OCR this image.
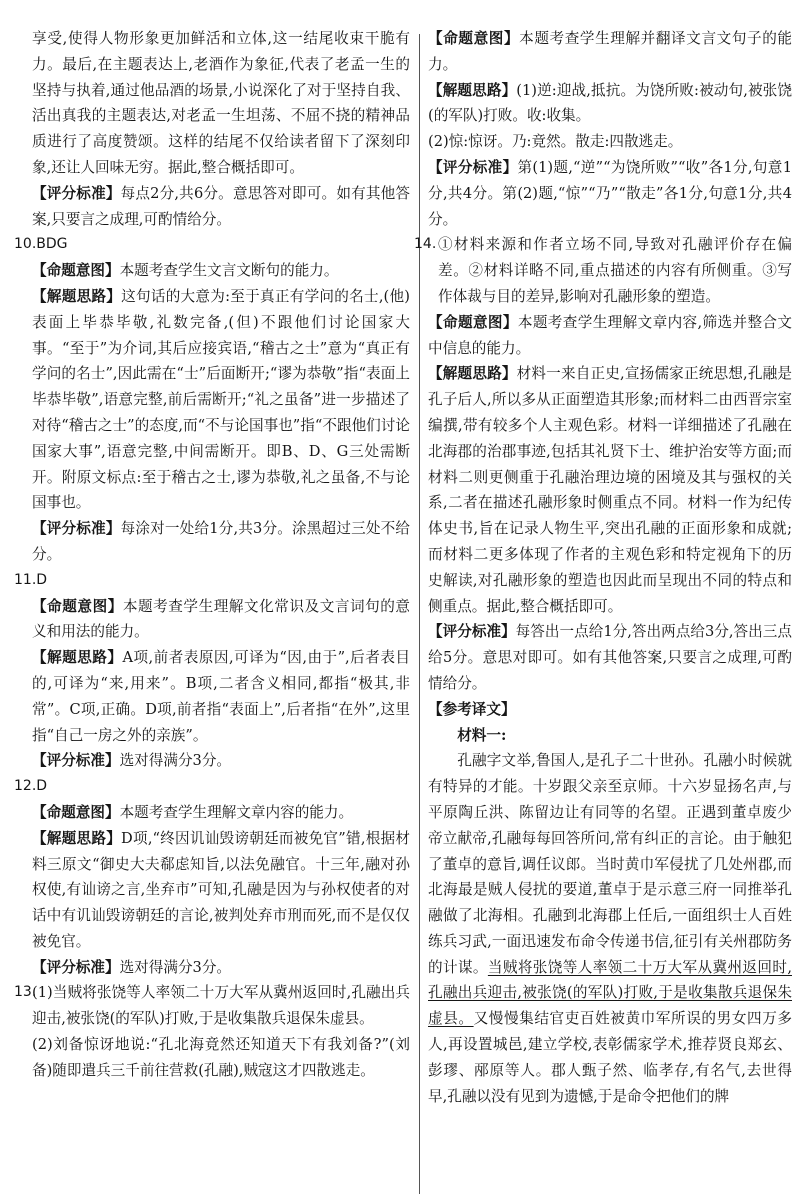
享受,使得人物形象更加鲜活和立体,这一结尾收束干脆有力。最后,在主题表达上,老酒作为象征,代表了老孟一生的坚持与执着,通过他品酒的场景,小说深化了对于坚持自我、活出真我的主题表达,对老孟一生坦荡、不屈不挠的精神品质进行了高度赞颂。这样的结尾不仅给读者留下了深刻印象,还让人回味无穷。据此,整合概括即可。

【评分标准】每点2分,共6分。意思答对即可。如有其他答案,只要言之成理,可酌情给分。

10.BDG

【命题意图】本题考查学生文言文断句的能力。

【解题思路】这句话的大意为:至于真正有学问的名士,(他)表面上毕恭毕敬,礼数完备,(但)不跟他们讨论国家大事。“至于”为介词,其后应接宾语,“稽古之士”意为“真正有学问的名士”,因此需在“士”后面断开;“谬为恭敬”指“表面上毕恭毕敬”,语意完整,前后需断开;“礼之虽备”进一步描述了对待“稽古之士”的态度,而“不与论国事也”指“不跟他们讨论国家大事”,语意完整,中间需断开。即B、D、G三处需断开。附原文标点:至于稽古之士,谬为恭敬,礼之虽备,不与论国事也。

【评分标准】每涂对一处给1分,共3分。涂黑超过三处不给分。

11.D

【命题意图】本题考查学生理解文化常识及文言词句的意义和用法的能力。

【解题思路】A项,前者表原因,可译为“因,由于”,后者表目的,可译为“来,用来”。B项,二者含义相同,都指“极其,非常”。C项,正确。D项,前者指“表面上”,后者指“在外”,这里指“自己一房之外的亲族”。

【评分标准】选对得满分3分。

12.D

【命题意图】本题考查学生理解文章内容的能力。

【解题思路】D项,“终因讥讪毁谤朝廷而被免官”错,根据材料三原文“御史大夫郗虑知旨,以法免融官。十三年,融对孙权使,有讪谤之言,坐弃市”可知,孔融是因为与孙权使者的对话中有讥讪毁谤朝廷的言论,被判处弃市刑而死,而不是仅仅被免官。

【评分标准】选对得满分3分。

13.

(1)当贼将张饶等人率领二十万大军从冀州返回时,孔融出兵迎击,被张饶(的军队)打败,于是收集散兵退保朱虚县。

(2)刘备惊讶地说:“孔北海竟然还知道天下有我刘备?”(刘备)随即遣兵三千前往营救(孔融),贼寇这才四散逃走。

【命题意图】本题考查学生理解并翻译文言文句子的能力。

【解题思路】(1)逆:迎战,抵抗。为饶所败:被动句,被张饶(的军队)打败。收:收集。

(2)惊:惊讶。乃:竟然。散走:四散逃走。

【评分标准】第(1)题,“逆”“为饶所败”“收”各1分,句意1分,共4分。第(2)题,“惊”“乃”“散走”各1分,句意1分,共4分。

14. ①材料来源和作者立场不同,导致对孔融评价存在偏差。②材料详略不同,重点描述的内容有所侧重。③写作体裁与目的差异,影响对孔融形象的塑造。

【命题意图】本题考查学生理解文章内容,筛选并整合文中信息的能力。

【解题思路】材料一来自正史,宣扬儒家正统思想,孔融是孔子后人,所以多从正面塑造其形象;而材料二由西晋宗室编撰,带有较多个人主观色彩。材料一详细描述了孔融在北海郡的治郡事迹,包括其礼贤下士、维护治安等方面;而材料二则更侧重于孔融治理边境的困境及其与强权的关系,二者在描述孔融形象时侧重点不同。材料一作为纪传体史书,旨在记录人物生平,突出孔融的正面形象和成就;而材料二更多体现了作者的主观色彩和特定视角下的历史解读,对孔融形象的塑造也因此而呈现出不同的特点和侧重点。据此,整合概括即可。

【评分标准】每答出一点给1分,答出两点给3分,答出三点给5分。意思对即可。如有其他答案,只要言之成理,可酌情给分。

【参考译文】

材料一:

孔融字文举,鲁国人,是孔子二十世孙。孔融小时候就有特异的才能。十岁跟父亲至京师。十六岁显扬名声,与平原陶丘洪、陈留边让有同等的名望。正遇到董卓废少帝立献帝,孔融每每回答所问,常有纠正的言论。由于触犯了董卓的意旨,调任议郎。当时黄巾军侵扰了几处州郡,而北海最是贼人侵扰的要道,董卓于是示意三府一同推举孔融做了北海相。孔融到北海郡上任后,一面组织士人百姓练兵习武,一面迅速发布命令传递书信,征引有关州郡防务的计谋。当贼将张饶等人率领二十万大军从冀州返回时,孔融出兵迎击,被张饶(的军队)打败,于是收集散兵退保朱虚县。又慢慢集结官吏百姓被黄巾军所误的男女四万多人,再设置城邑,建立学校,表彰儒家学术,推荐贤良郑玄、彭璆、邴原等人。郡人甄子然、临孝存,有名气,去世得早,孔融以没有见到为遗憾,于是命令把他们的牌
